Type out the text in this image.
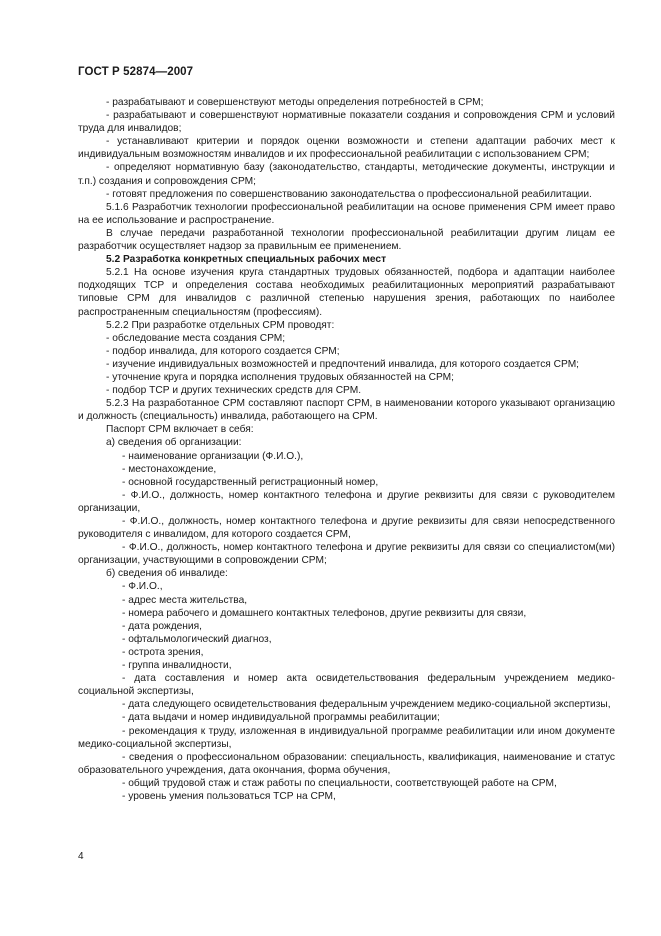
ГОСТ Р 52874—2007

- разрабатывают и совершенствуют методы определения потребностей в СРМ;

- разрабатывают и совершенствуют нормативные показатели создания и сопровождения СРМ и условий труда для инвалидов;

- устанавливают критерии и порядок оценки возможности и степени адаптации рабочих мест к индивидуальным возможностям инвалидов и их профессиональной реабилитации с использованием СРМ;

- определяют нормативную базу (законодательство, стандарты, методические документы, инструкции и т.п.) создания и сопровождения СРМ;

- готовят предложения по совершенствованию законодательства о профессиональной реабилитации.

5.1.6 Разработчик технологии профессиональной реабилитации на основе применения СРМ имеет право на ее использование и распространение.

В случае передачи разработанной технологии профессиональной реабилитации другим лицам ее разработчик осуществляет надзор за правильным ее применением.

5.2 Разработка конкретных специальных рабочих мест

5.2.1 На основе изучения круга стандартных трудовых обязанностей, подбора и адаптации наиболее подходящих ТСР и определения состава необходимых реабилитационных мероприятий разрабатывают типовые СРМ для инвалидов с различной степенью нарушения зрения, работающих по наиболее распространенным специальностям (профессиям).

5.2.2 При разработке отдельных СРМ проводят:

- обследование места создания СРМ;

- подбор инвалида, для которого создается СРМ;

- изучение индивидуальных возможностей и предпочтений инвалида, для которого создается СРМ;

- уточнение круга и порядка исполнения трудовых обязанностей на СРМ;

- подбор ТСР и других технических средств для СРМ.

5.2.3 На разработанное СРМ составляют паспорт СРМ, в наименовании которого указывают организацию и должность (специальность) инвалида, работающего на СРМ.

Паспорт СРМ включает в себя:

а) сведения об организации:

- наименование организации (Ф.И.О.),

- местонахождение,

- основной государственный регистрационный номер,

- Ф.И.О., должность, номер контактного телефона и другие реквизиты для связи с руководителем организации,

- Ф.И.О., должность, номер контактного телефона и другие реквизиты для связи непосредственного руководителя с инвалидом, для которого создается СРМ,

- Ф.И.О., должность, номер контактного телефона и другие реквизиты для связи со специалистом(ми) организации, участвующими в сопровождении СРМ;

б) сведения об инвалиде:

- Ф.И.О.,

- адрес места жительства,

- номера рабочего и домашнего контактных телефонов, другие реквизиты для связи,

- дата рождения,

- офтальмологический диагноз,

- острота зрения,

- группа инвалидности,

- дата составления и номер акта освидетельствования федеральным учреждением медико-социальной экспертизы,

- дата следующего освидетельствования федеральным учреждением медико-социальной экспертизы,

- дата выдачи и номер индивидуальной программы реабилитации;

- рекомендация к труду, изложенная в индивидуальной программе реабилитации или ином документе медико-социальной экспертизы,

- сведения о профессиональном образовании: специальность, квалификация, наименование и статус образовательного учреждения, дата окончания, форма обучения,

- общий трудовой стаж и стаж работы по специальности, соответствующей работе на СРМ,

- уровень умения пользоваться ТСР на СРМ,

4
